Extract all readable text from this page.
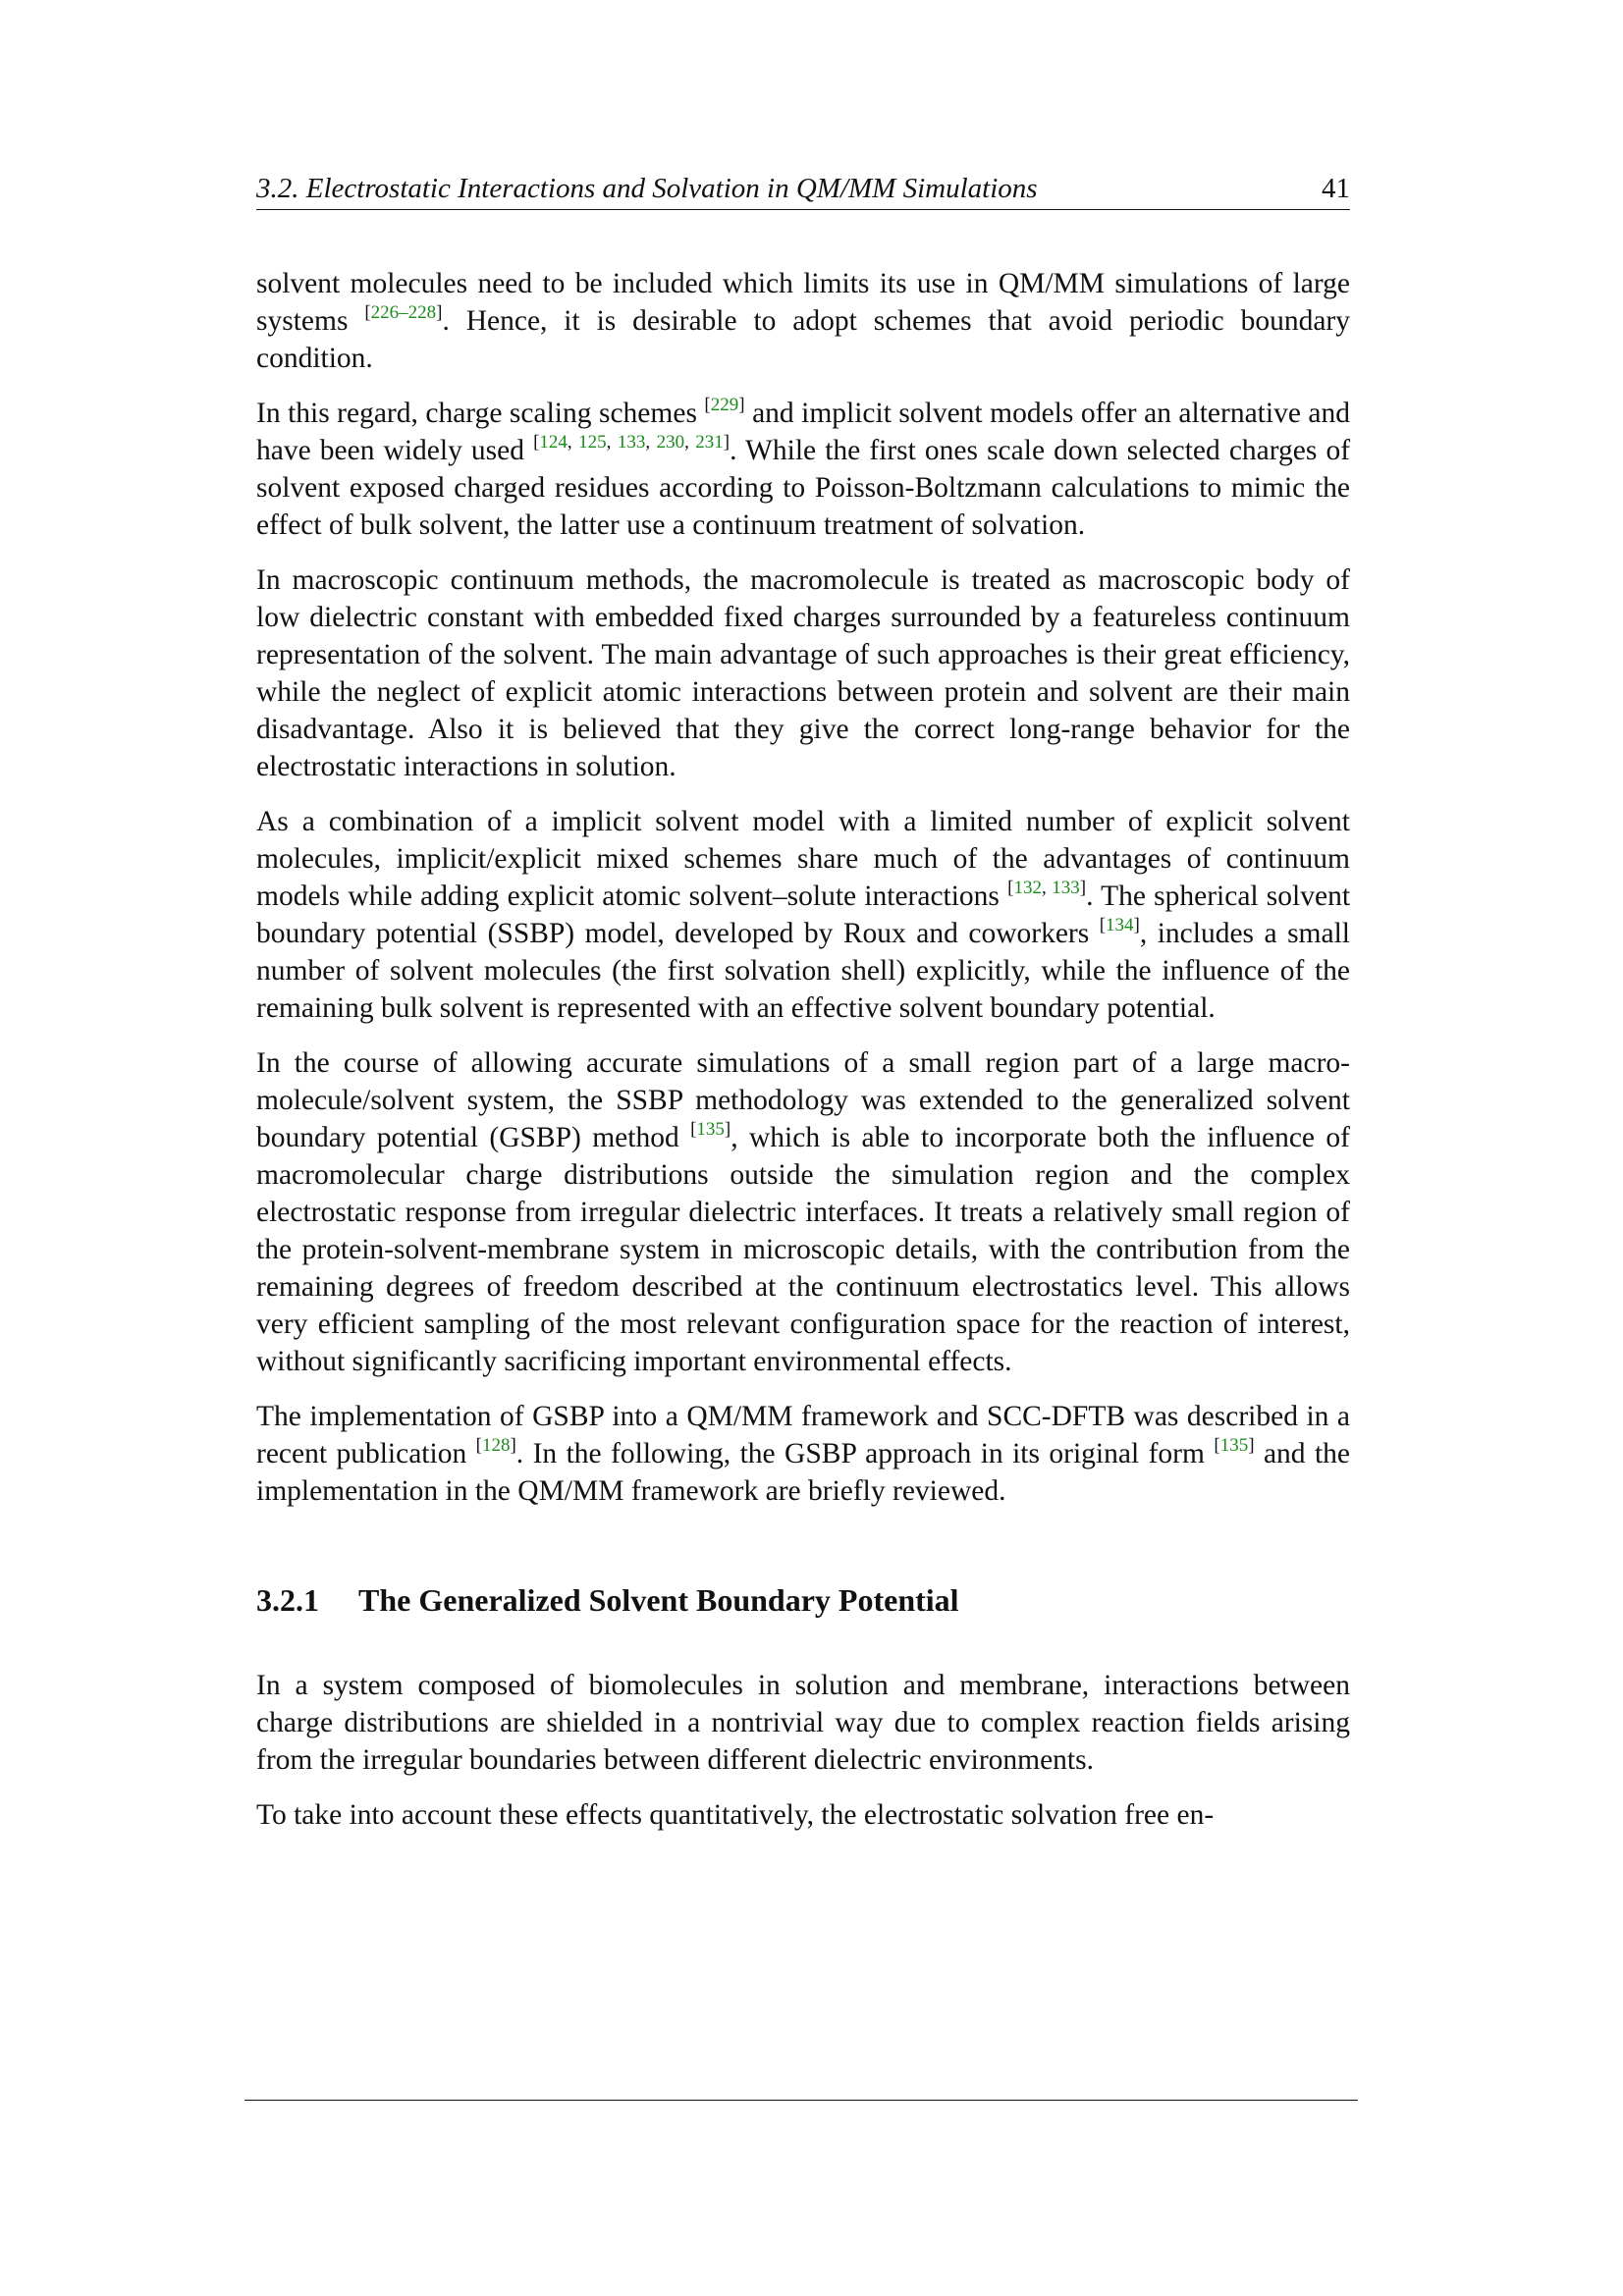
3.2. Electrostatic Interactions and Solvation in QM/MM Simulations	41

solvent molecules need to be included which limits its use in QM/MM simulations of large systems [226–228]. Hence, it is desirable to adopt schemes that avoid periodic boundary condition.

In this regard, charge scaling schemes [229] and implicit solvent models offer an alternative and have been widely used [124, 125, 133, 230, 231]. While the first ones scale down selected charges of solvent exposed charged residues according to Poisson-Boltzmann calculations to mimic the effect of bulk solvent, the latter use a continuum treatment of solvation.

In macroscopic continuum methods, the macromolecule is treated as macroscopic body of low dielectric constant with embedded fixed charges surrounded by a featureless continuum representation of the solvent. The main advantage of such approaches is their great efficiency, while the neglect of explicit atomic interactions between protein and solvent are their main disadvantage. Also it is believed that they give the correct long-range behavior for the electrostatic interactions in solution.

As a combination of a implicit solvent model with a limited number of explicit solvent molecules, implicit/explicit mixed schemes share much of the advantages of continuum models while adding explicit atomic solvent–solute interactions [132, 133]. The spherical solvent boundary potential (SSBP) model, developed by Roux and coworkers [134], includes a small number of solvent molecules (the first solvation shell) explicitly, while the influence of the remaining bulk solvent is represented with an effective solvent boundary potential.

In the course of allowing accurate simulations of a small region part of a large macromolecule/solvent system, the SSBP methodology was extended to the generalized solvent boundary potential (GSBP) method [135], which is able to incorporate both the influence of macromolecular charge distributions outside the simulation region and the complex electrostatic response from irregular dielectric interfaces. It treats a relatively small region of the protein-solvent-membrane system in microscopic details, with the contribution from the remaining degrees of freedom described at the continuum electrostatics level. This allows very efficient sampling of the most relevant configuration space for the reaction of interest, without significantly sacrificing important environmental effects.

The implementation of GSBP into a QM/MM framework and SCC-DFTB was described in a recent publication [128]. In the following, the GSBP approach in its original form [135] and the implementation in the QM/MM framework are briefly reviewed.

3.2.1 The Generalized Solvent Boundary Potential

In a system composed of biomolecules in solution and membrane, interactions between charge distributions are shielded in a nontrivial way due to complex reaction fields arising from the irregular boundaries between different dielectric environments.

To take into account these effects quantitatively, the electrostatic solvation free en-
